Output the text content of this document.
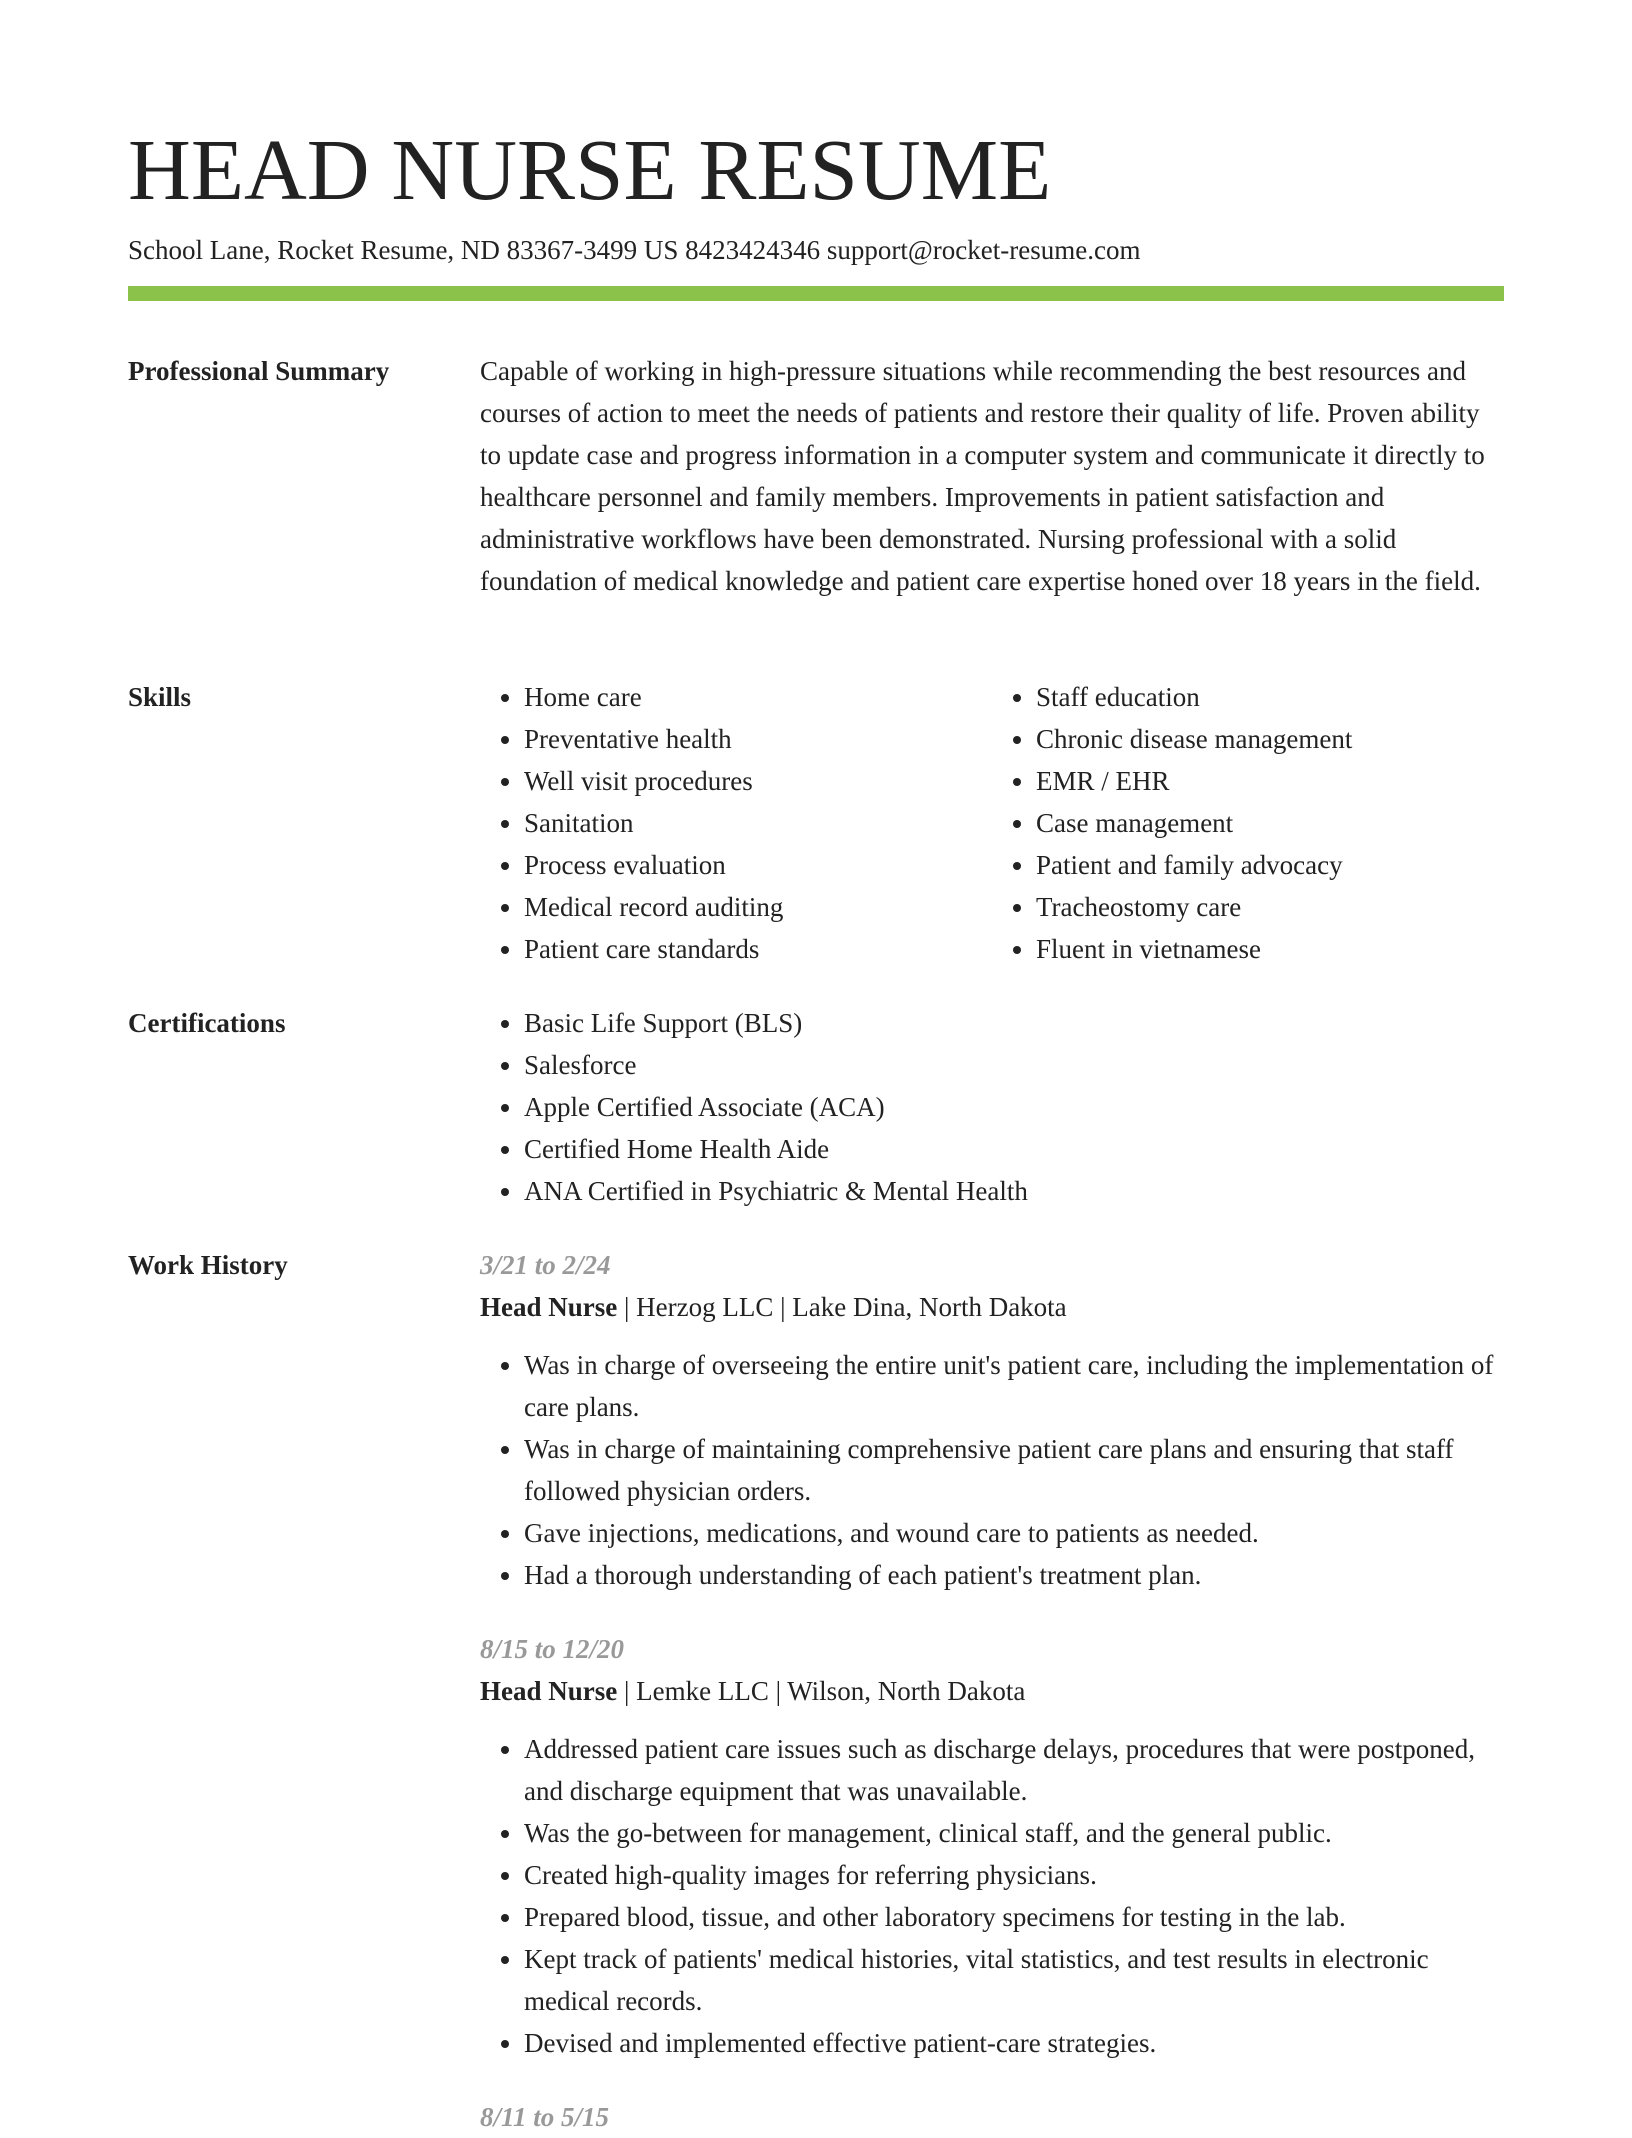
HEAD NURSE RESUME
School Lane, Rocket Resume, ND 83367-3499 US 8423424346 support@rocket-resume.com
Professional Summary	Capable of working in high-pressure situations while recommending the best resources and courses of action to meet the needs of patients and restore their quality of life. Proven ability to update case and progress information in a computer system and communicate it directly to healthcare personnel and family members. Improvements in patient satisfaction and administrative workflows have been demonstrated. Nursing professional with a solid foundation of medical knowledge and patient care expertise honed over 18 years in the field.

Skills	• Home care
• Preventative health
• Well visit procedures
• Sanitation
• Process evaluation
• Medical record auditing
• Patient care standards
• Staff education
• Chronic disease management
• EMR / EHR
• Case management
• Patient and family advocacy
• Tracheostomy care
• Fluent in vietnamese
Certifications	• Basic Life Support (BLS)
• Salesforce
• Apple Certified Associate (ACA)
• Certified Home Health Aide
• ANA Certified in Psychiatric & Mental Health
Work History	3/21 to 2/24
Head Nurse | Herzog LLC | Lake Dina, North Dakota
• Was in charge of overseeing the entire unit's patient care, including the implementation of care plans.
• Was in charge of maintaining comprehensive patient care plans and ensuring that staff followed physician orders.
• Gave injections, medications, and wound care to patients as needed.
• Had a thorough understanding of each patient's treatment plan.
8/15 to 12/20
Head Nurse | Lemke LLC | Wilson, North Dakota
• Addressed patient care issues such as discharge delays, procedures that were postponed, and discharge equipment that was unavailable.
• Was the go-between for management, clinical staff, and the general public.
• Created high-quality images for referring physicians.
• Prepared blood, tissue, and other laboratory specimens for testing in the lab.
• Kept track of patients' medical histories, vital statistics, and test results in electronic medical records.
• Devised and implemented effective patient-care strategies.
8/11 to 5/15
